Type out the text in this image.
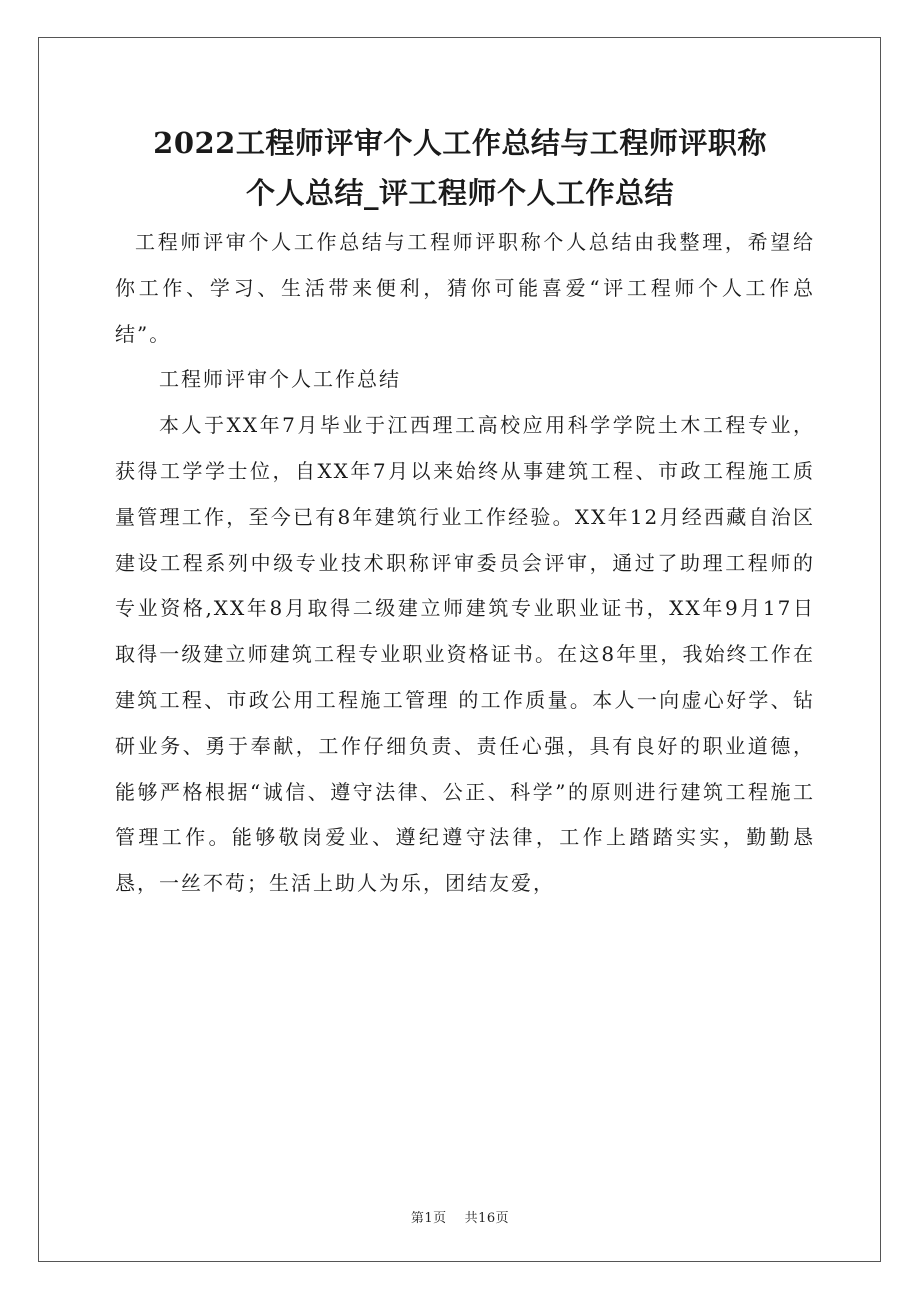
2022工程师评审个人工作总结与工程师评职称
个人总结_评工程师个人工作总结

工程师评审个人工作总结与工程师评职称个人总结由我整理，希望给你工作、学习、生活带来便利，猜你可能喜爱“评工程师个人工作总结”。

工程师评审个人工作总结

本人于XX年7月毕业于江西理工高校应用科学学院土木工程专业，获得工学学士位，自XX年7月以来始终从事建筑工程、市政工程施工质量管理工作，至今已有8年建筑行业工作经验。XX年12月经西藏自治区建设工程系列中级专业技术职称评审委员会评审，通过了助理工程师的专业资格,XX年8月取得二级建立师建筑专业职业证书，XX年9月17日取得一级建立师建筑工程专业职业资格证书。在这8年里，我始终工作在建筑工程、市政公用工程施工管理 的工作质量。本人一向虚心好学、钻研业务、勇于奉献，工作仔细负责、责任心强，具有良好的职业道德，能够严格根据“诚信、遵守法律、公正、科学”的原则进行建筑工程施工管理工作。能够敬岗爱业、遵纪遵守法律，工作上踏踏实实，勤勤恳恳，一丝不苟；生活上助人为乐，团结友爱，

第1页 共16页
